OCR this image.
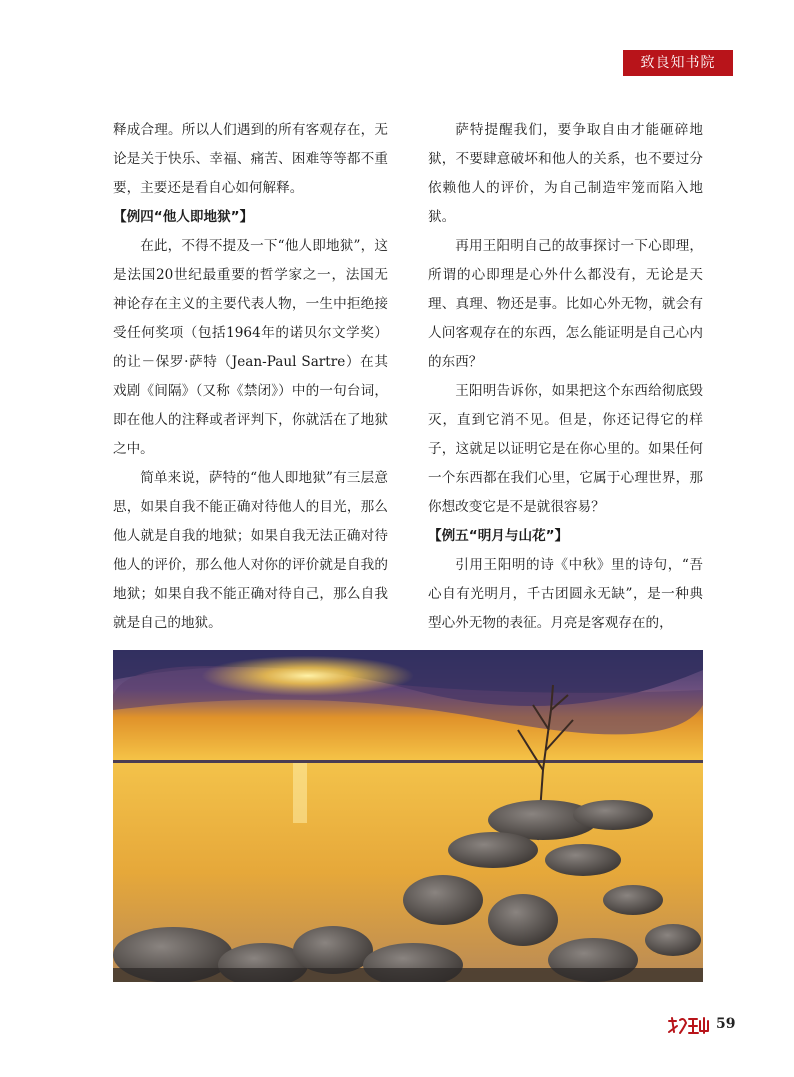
致良知书院

释成合理。所以人们遇到的所有客观存在，无论是关于快乐、幸福、痛苦、困难等等都不重要，主要还是看自心如何解释。

【例四“他人即地狱”】

在此，不得不提及一下“他人即地狱”，这是法国20世纪最重要的哲学家之一，法国无神论存在主义的主要代表人物，一生中拒绝接受任何奖项（包括1964年的诺贝尔文学奖）的让－保罗·萨特（Jean-Paul Sartre）在其戏剧《间隔》（又称《禁闭》）中的一句台词，即在他人的注释或者评判下，你就活在了地狱之中。

简单来说，萨特的“他人即地狱”有三层意思，如果自我不能正确对待他人的目光，那么他人就是自我的地狱；如果自我无法正确对待他人的评价，那么他人对你的评价就是自我的地狱；如果自我不能正确对待自己，那么自我就是自己的地狱。

萨特提醒我们，要争取自由才能砸碎地狱，不要肆意破坏和他人的关系，也不要过分依赖他人的评价，为自己制造牢笼而陷入地狱。

再用王阳明自己的故事探讨一下心即理，所谓的心即理是心外什么都没有，无论是天理、真理、物还是事。比如心外无物，就会有人问客观存在的东西，怎么能证明是自己心内的东西？

王阳明告诉你，如果把这个东西给彻底毁灭，直到它消不见。但是，你还记得它的样子，这就足以证明它是在你心里的。如果任何一个东西都在我们心里，它属于心理世界，那你想改变它是不是就很容易？

【例五“明月与山花”】

引用王阳明的诗《中秋》里的诗句，“吾心自有光明月，千古团圆永无缺”，是一种典型心外无物的表征。月亮是客观存在的，

59
